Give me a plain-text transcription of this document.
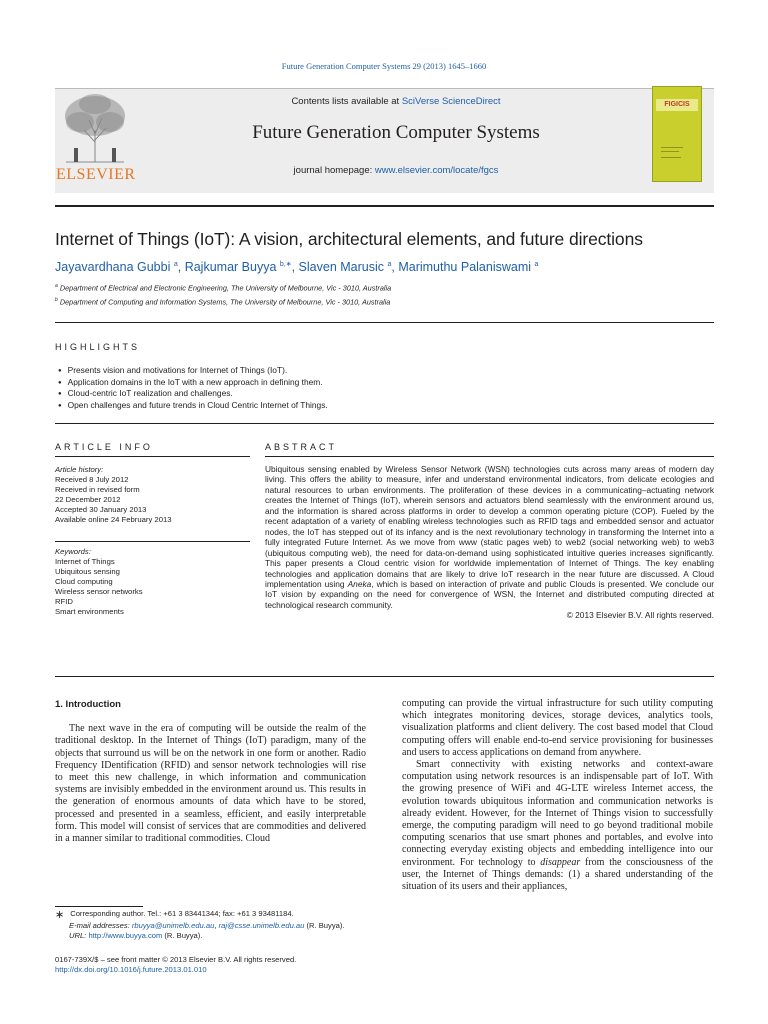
Future Generation Computer Systems 29 (2013) 1645–1660
ELSEVIER
Contents lists available at SciVerse ScienceDirect
Future Generation Computer Systems
journal homepage: www.elsevier.com/locate/fgcs
FIGICIS
Internet of Things (IoT): A vision, architectural elements, and future directions
Jayavardhana Gubbi $^a$, Rajkumar Buyya $^{b,∗}$, Slaven Marusic $^a$, Marimuthu Palaniswami $^a$
$^a$ Department of Electrical and Electronic Engineering, The University of Melbourne, Vic - 3010, Australia
$^b$ Department of Computing and Information Systems, The University of Melbourne, Vic - 3010, Australia
HIGHLIGHTS
● Presents vision and motivations for Internet of Things (IoT).
● Application domains in the IoT with a new approach in defining them.
● Cloud-centric IoT realization and challenges.
● Open challenges and future trends in Cloud Centric Internet of Things.
ARTICLE INFO
Article history:
Received 8 July 2012
Received in revised form
22 December 2012
Accepted 30 January 2013
Available online 24 February 2013
Keywords:
Internet of Things
Ubiquitous sensing
Cloud computing
Wireless sensor networks
RFID
Smart environments
ABSTRACT
Ubiquitous sensing enabled by Wireless Sensor Network (WSN) technologies cuts across many areas of modern day living. This offers the ability to measure, infer and understand environmental indicators, from delicate ecologies and natural resources to urban environments. The proliferation of these devices in a communicating–actuating network creates the Internet of Things (IoT), wherein sensors and actuators blend seamlessly with the environment around us, and the information is shared across platforms in order to develop a common operating picture (COP). Fueled by the recent adaptation of a variety of enabling wireless technologies such as RFID tags and embedded sensor and actuator nodes, the IoT has stepped out of its infancy and is the next revolutionary technology in transforming the Internet into a fully integrated Future Internet. As we move from www (static pages web) to web2 (social networking web) to web3 (ubiquitous computing web), the need for data-on-demand using sophisticated intuitive queries increases significantly. This paper presents a Cloud centric vision for worldwide implementation of Internet of Things. The key enabling technologies and application domains that are likely to drive IoT research in the near future are discussed. A Cloud implementation using Aneka, which is based on interaction of private and public Clouds is presented. We conclude our IoT vision by expanding on the need for convergence of WSN, the Internet and distributed computing directed at technological research community.
© 2013 Elsevier B.V. All rights reserved.
1. Introduction

The next wave in the era of computing will be outside the realm of the traditional desktop. In the Internet of Things (IoT) paradigm, many of the objects that surround us will be on the network in one form or another. Radio Frequency IDentification (RFID) and sensor network technologies will rise to meet this new challenge, in which information and communication systems are invisibly embedded in the environment around us. This results in the generation of enormous amounts of data which have to be stored, processed and presented in a seamless, efficient, and easily interpretable form. This model will consist of services that are commodities and delivered in a manner similar to traditional commodities. Cloud

computing can provide the virtual infrastructure for such utility computing which integrates monitoring devices, storage devices, analytics tools, visualization platforms and client delivery. The cost based model that Cloud computing offers will enable end-to-end service provisioning for businesses and users to access applications on demand from anywhere.

Smart connectivity with existing networks and context-aware computation using network resources is an indispensable part of IoT. With the growing presence of WiFi and 4G-LTE wireless Internet access, the evolution towards ubiquitous information and communication networks is already evident. However, for the Internet of Things vision to successfully emerge, the computing paradigm will need to go beyond traditional mobile computing scenarios that use smart phones and portables, and evolve into connecting everyday existing objects and embedding intelligence into our environment. For technology to disappear from the consciousness of the user, the Internet of Things demands: (1) a shared understanding of the situation of its users and their appliances,

∗ Corresponding author. Tel.: +61 3 83441344; fax: +61 3 93481184.
E-mail addresses: rbuyya@unimelb.edu.au, raj@csse.unimelb.edu.au (R. Buyya).
URL: http://www.buyya.com (R. Buyya).
0167-739X/$ – see front matter © 2013 Elsevier B.V. All rights reserved.
http://dx.doi.org/10.1016/j.future.2013.01.010
